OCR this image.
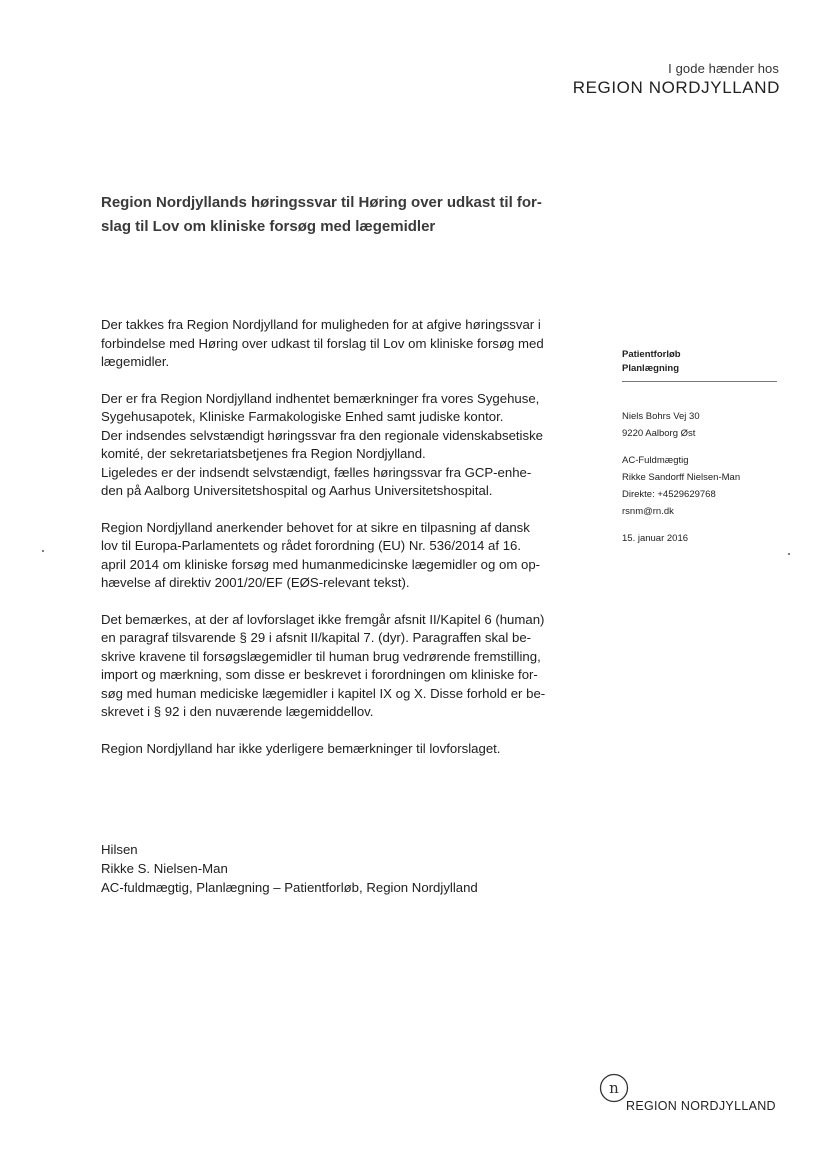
I gode hænder hos
REGION NORDJYLLAND
Region Nordjyllands høringssvar til Høring over udkast til for-
slag til Lov om kliniske forsøg med lægemidler

Der takkes fra Region Nordjylland for muligheden for at afgive høringssvar i
forbindelse med Høring over udkast til forslag til Lov om kliniske forsøg med
lægemidler.

Der er fra Region Nordjylland indhentet bemærkninger fra vores Sygehuse,
Sygehusapotek, Kliniske Farmakologiske Enhed samt judiske kontor.
Der indsendes selvstændigt høringssvar fra den regionale videnskabsetiske
komité, der sekretariatsbetjenes fra Region Nordjylland.
Ligeledes er der indsendt selvstændigt, fælles høringssvar fra GCP-enhe-
den på Aalborg Universitetshospital og Aarhus Universitetshospital.

Region Nordjylland anerkender behovet for at sikre en tilpasning af dansk
lov til Europa-Parlamentets og rådet forordning (EU) Nr. 536/2014 af 16.
april 2014 om kliniske forsøg med humanmedicinske lægemidler og om op-
hævelse af direktiv 2001/20/EF (EØS-relevant tekst).

Det bemærkes, at der af lovforslaget ikke fremgår afsnit II/Kapitel 6 (human)
en paragraf tilsvarende § 29 i afsnit II/kapital 7. (dyr). Paragraffen skal be-
skrive kravene til forsøgslægemidler til human brug vedrørende fremstilling,
import og mærkning, som disse er beskrevet i forordningen om kliniske for-
søg med human mediciske lægemidler i kapitel IX og X. Disse forhold er be-
skrevet i § 92 i den nuværende lægemiddellov.

Region Nordjylland har ikke yderligere bemærkninger til lovforslaget.

Patientforløb
Planlægning
Niels Bohrs Vej 30
9220 Aalborg Øst
AC-Fuldmægtig
Rikke Sandorff Nielsen-Man
Direkte: +4529629768
rsnm@rn.dk
15. januar 2016
Hilsen
Rikke S. Nielsen-Man
AC-fuldmægtig, Planlægning – Patientforløb, Region Nordjylland
n
REGION NORDJYLLAND
